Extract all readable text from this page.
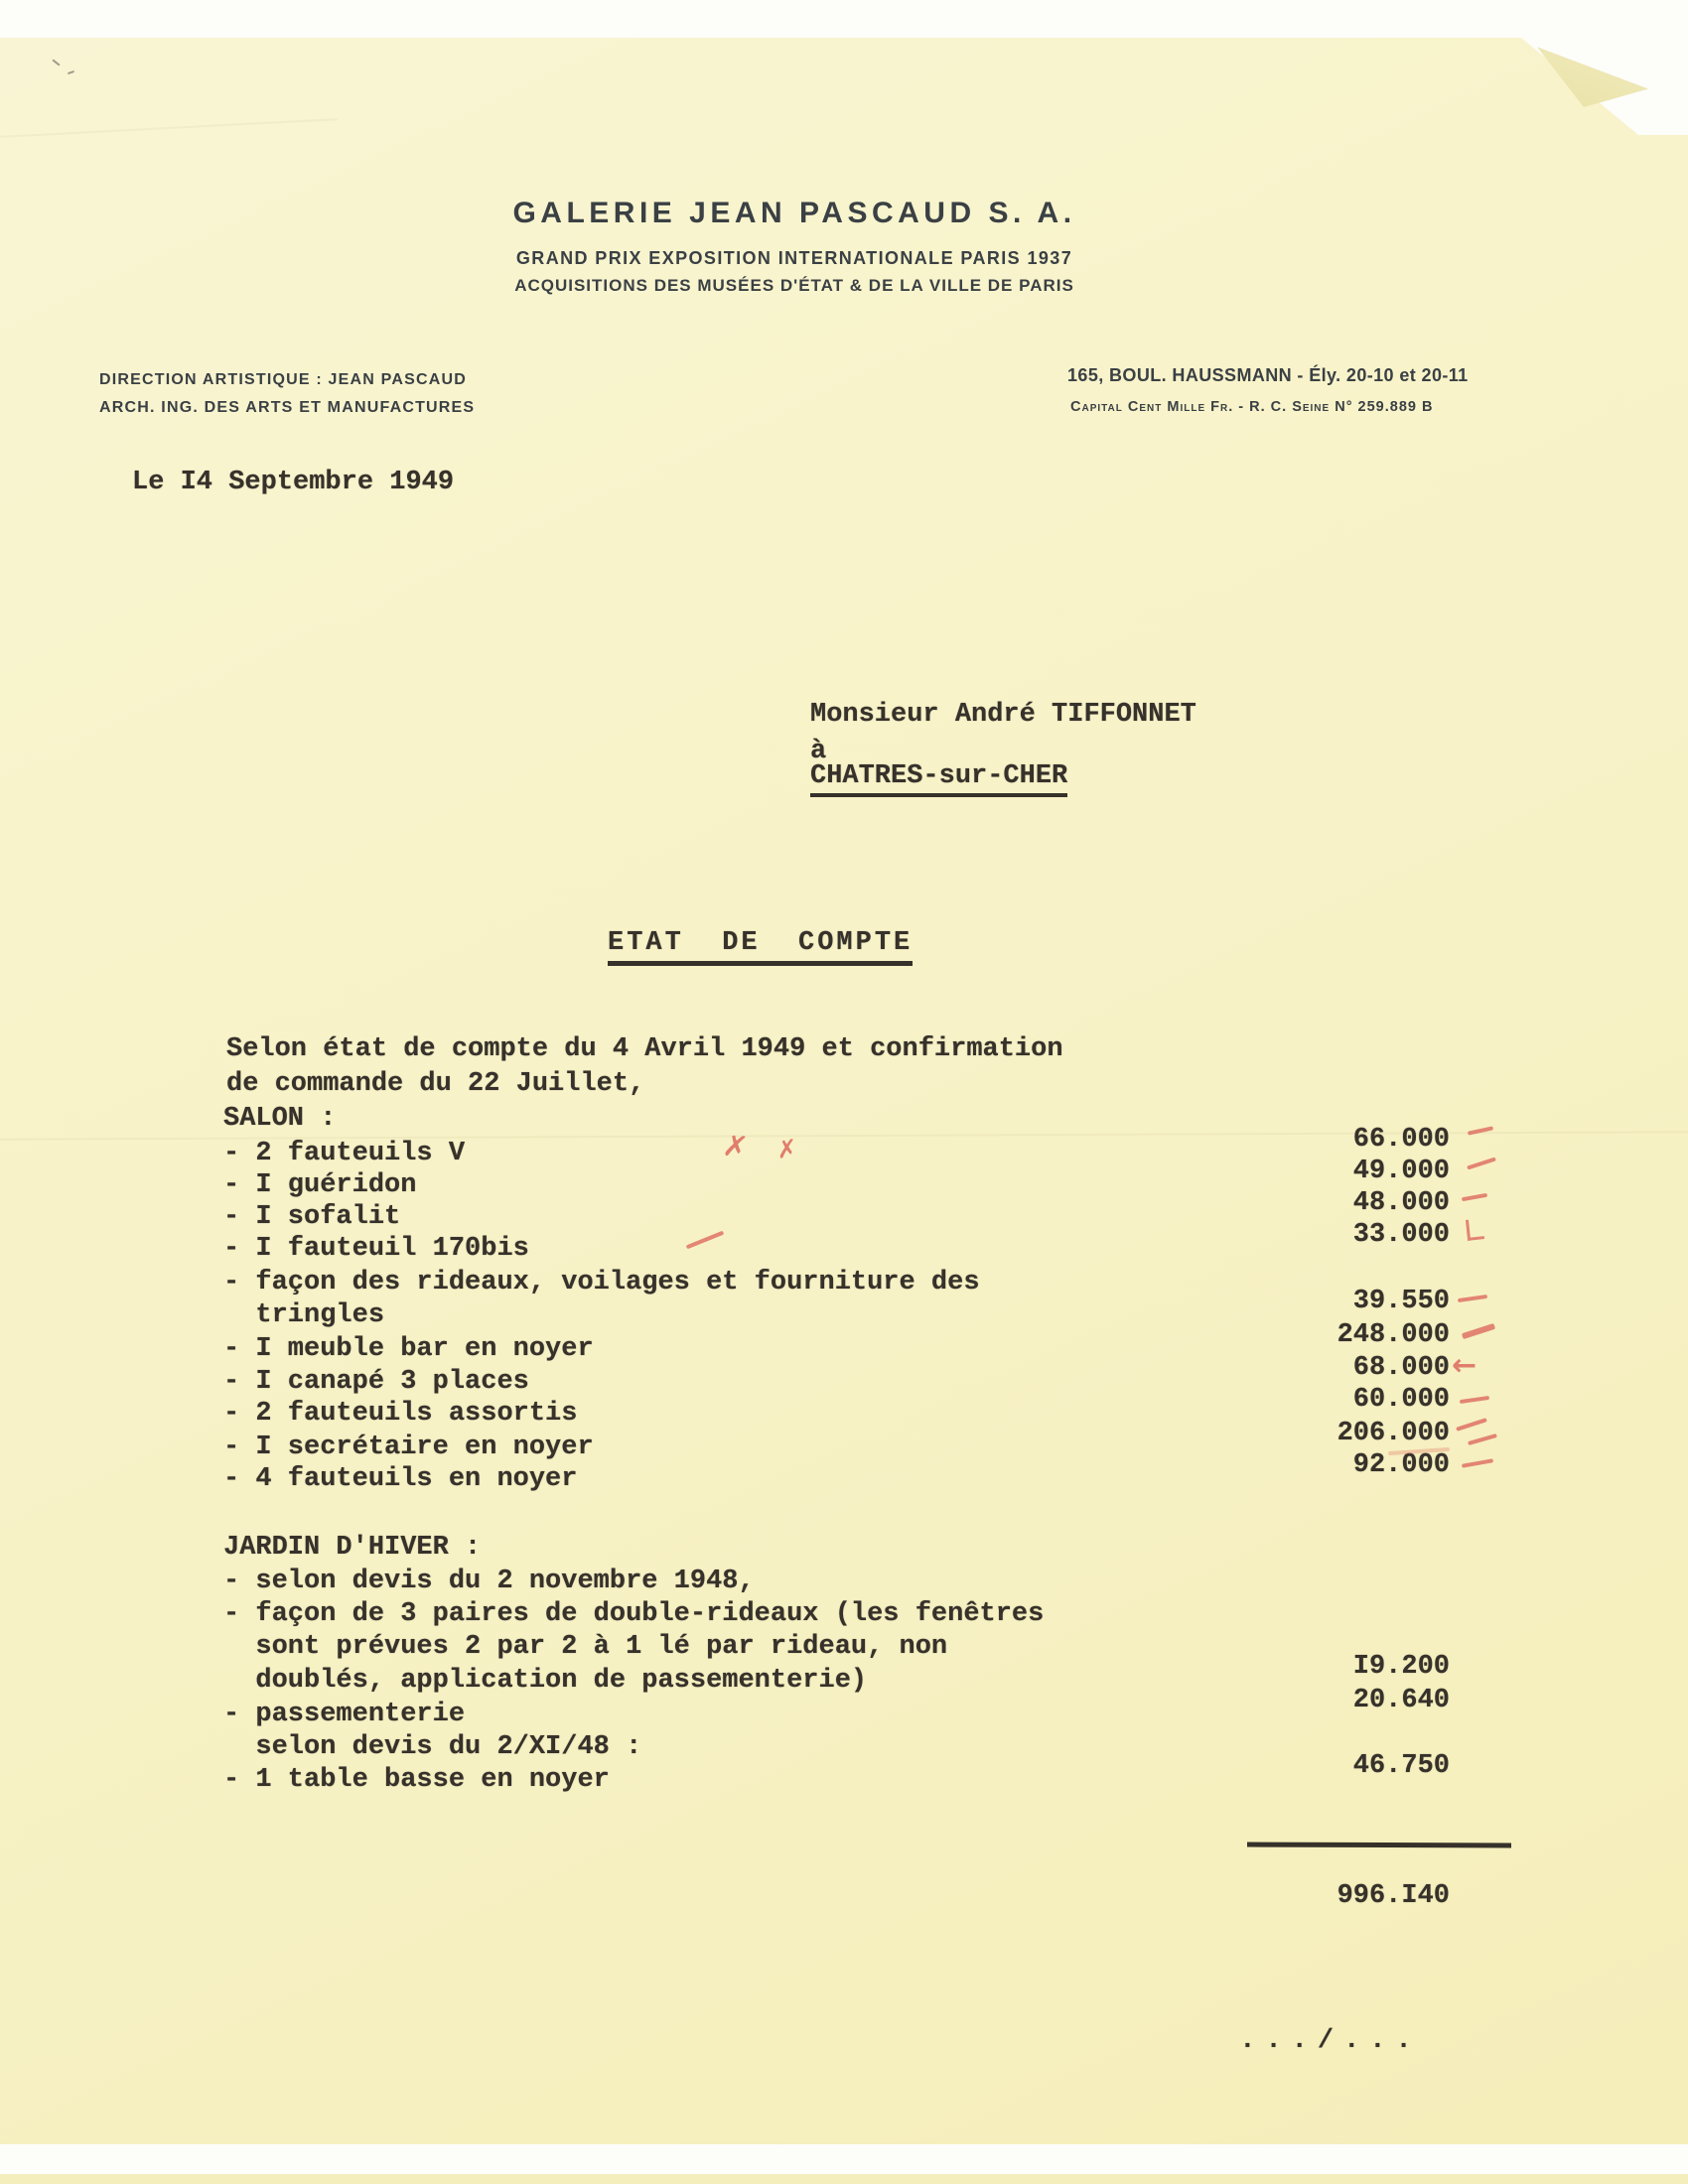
GALERIE JEAN PASCAUD S. A.
GRAND PRIX EXPOSITION INTERNATIONALE PARIS 1937
ACQUISITIONS DES MUSÉES D'ÉTAT & DE LA VILLE DE PARIS
DIRECTION ARTISTIQUE : JEAN PASCAUD
ARCH. ING. DES ARTS ET MANUFACTURES
165, BOUL. HAUSSMANN - Ély. 20-10 et 20-11
Capital Cent Mille Fr. - R. C. Seine N° 259.889 B
Le I4 Septembre 1949
Monsieur André TIFFONNET
à
CHATRES-sur-CHER
ETAT  DE  COMPTE
Selon état de compte du 4 Avril 1949 et confirmation
de commande du 22 Juillet,
SALON :
- 2 fauteuils V	66.000
- I guéridon	49.000
- I sofalit	48.000
- I fauteuil 170bis	33.000
- façon des rideaux, voilages et fourniture des
tringles	39.550
- I meuble bar en noyer	248.000
- I canapé 3 places	68.000
- 2 fauteuils assortis	60.000
- I secrétaire en noyer	206.000
- 4 fauteuils en noyer	92.000
JARDIN D'HIVER :
- selon devis du 2 novembre 1948,
- façon de 3 paires de double-rideaux (les fenêtres
sont prévues 2 par 2 à 1 lé par rideau, non
doublés, application de passementerie)	I9.200
- passementerie	20.640
selon devis du 2/XI/48 :
- 1 table basse en noyer	46.750
996.I40
.../...
✗ ✗
←
